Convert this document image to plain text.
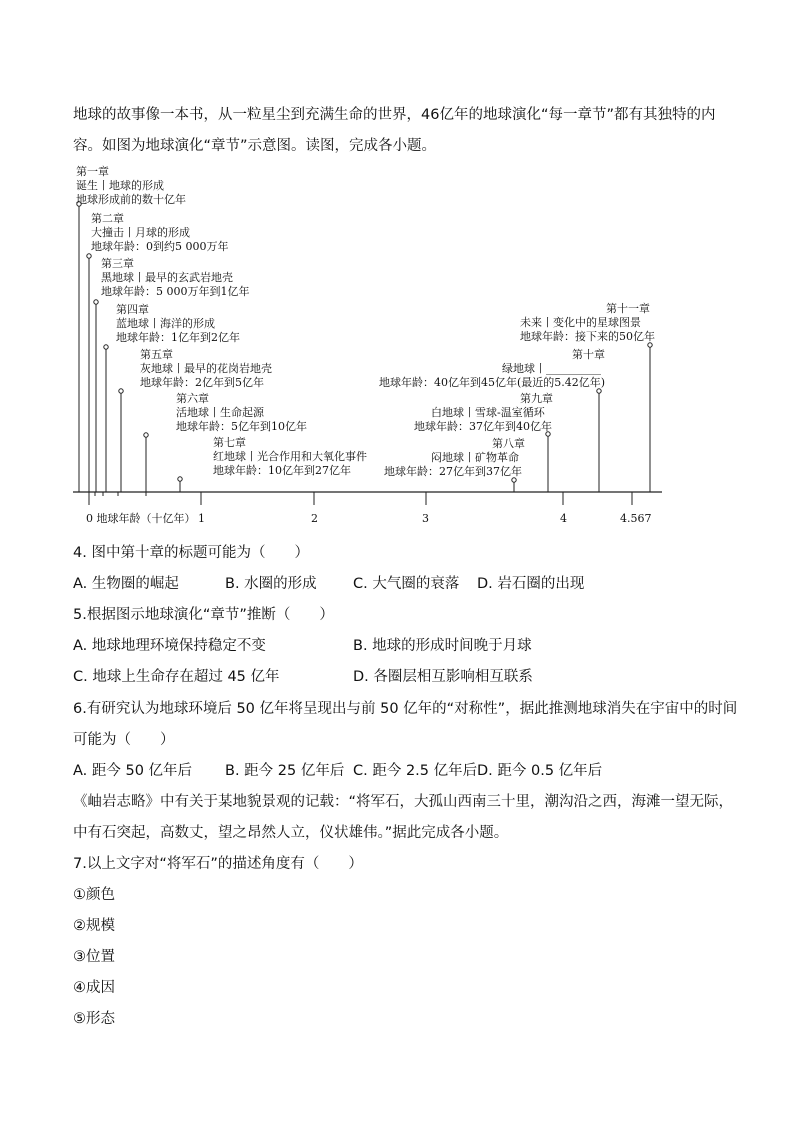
地球的故事像一本书，从一粒星尘到充满生命的世界，46亿年的地球演化“每一章节”都有其独特的内
容。如图为地球演化“章节”示意图。读图，完成各小题。
0 地球年龄（十亿年） 1	2	3	4	4.567
第一章
诞生丨地球的形成
地球形成前的数十亿年
第二章
大撞击丨月球的形成
地球年龄：0到约5 000万年
第三章
黑地球丨最早的玄武岩地壳
地球年龄：5 000万年到1亿年
第四章
蓝地球丨海洋的形成
地球年龄：1亿年到2亿年
第五章
灰地球丨最早的花岗岩地壳
地球年龄：2亿年到5亿年
第六章
活地球丨生命起源
地球年龄：5亿年到10亿年
第七章
红地球丨光合作用和大氧化事件
地球年龄：10亿年到27亿年
第八章
闷地球丨矿物革命
地球年龄：27亿年到37亿年
第九章
白地球丨雪球-温室循环
地球年龄：37亿年到40亿年
第十章
绿地球丨__________
地球年龄：40亿年到45亿年(最近的5.42亿年)
第十一章
未来丨变化中的星球图景
地球年龄：接下来的50亿年
4. 图中第十章的标题可能为（　　）
A. 生物圈的崛起	B. 水圈的形成	C. 大气圈的衰落 D. 岩石圈的出现
5.根据图示地球演化“章节”推断（　　）
A. 地球地理环境保持稳定不变	B. 地球的形成时间晚于月球
C. 地球上生命存在超过 45 亿年	D. 各圈层相互影响相互联系
6.有研究认为地球环境后 50 亿年将呈现出与前 50 亿年的“对称性”，据此推测地球消失在宇宙中的时间
可能为（　　）
A. 距今 50 亿年后 B. 距今 25 亿年后 C. 距今 2.5 亿年后 D. 距今 0.5 亿年后
《岫岩志略》中有关于某地貌景观的记载：“将军石，大孤山西南三十里，潮沟沿之西，海滩一望无际，
中有石突起，高数丈，望之昂然人立，仪状雄伟。”据此完成各小题。
7.以上文字对“将军石”的描述角度有（　　）
①颜色
②规模
③位置
④成因
⑤形态
